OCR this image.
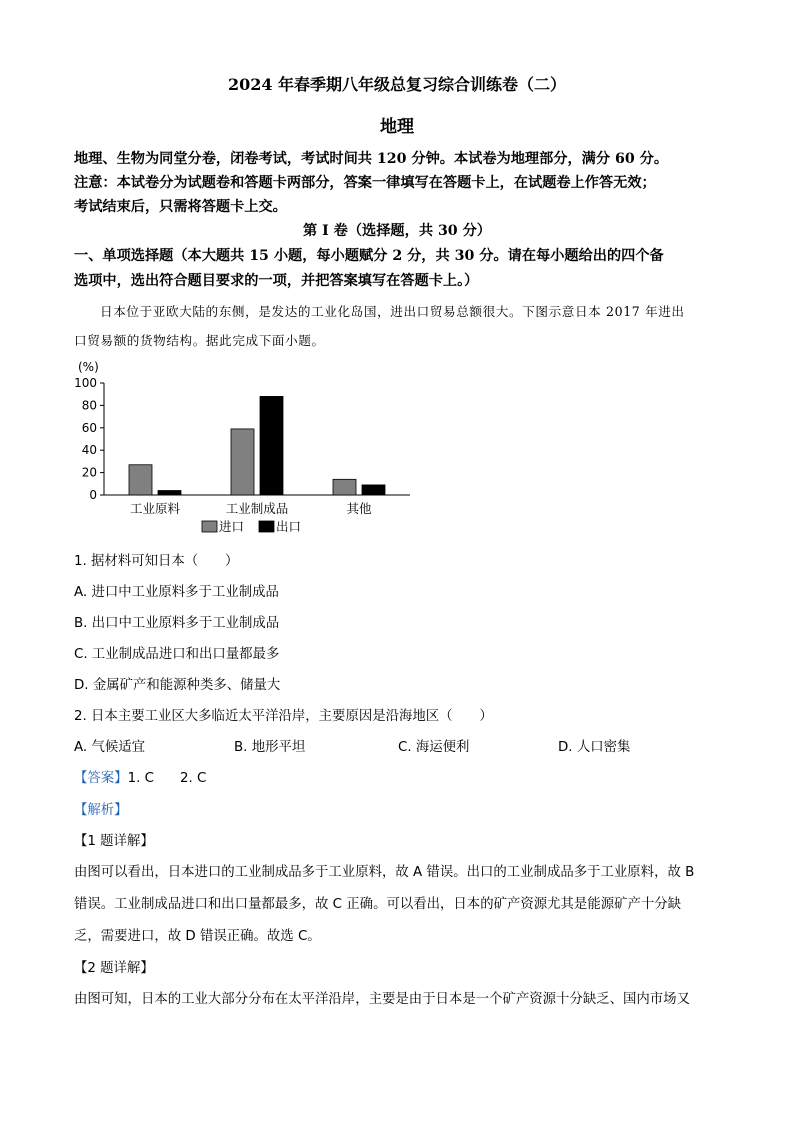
2024 年春季期八年级总复习综合训练卷（二）
地理
地理、生物为同堂分卷，闭卷考试，考试时间共 120 分钟。本试卷为地理部分，满分 60 分。
注意：本试卷分为试题卷和答题卡两部分，答案一律填写在答题卡上，在试题卷上作答无效；
考试结束后，只需将答题卡上交。
第 I 卷（选择题，共 30 分）
一、单项选择题（本大题共 15 小题，每小题赋分 2 分，共 30 分。请在每小题给出的四个备
选项中，选出符合题目要求的一项，并把答案填写在答题卡上。）
日本位于亚欧大陆的东侧，是发达的工业化岛国，进出口贸易总额很大。下图示意日本 2017 年进出
口贸易额的货物结构。据此完成下面小题。
(%)
0
20
40
60
80
100
工业原料	工业制成品	其他
进口	出口
1. 据材料可知日本（　　）
A. 进口中工业原料多于工业制成品
B. 出口中工业原料多于工业制成品
C. 工业制成品进口和出口量都最多
D. 金属矿产和能源种类多、储量大
2. 日本主要工业区大多临近太平洋沿岸，主要原因是沿海地区（　　）
A. 气候适宜	B. 地形平坦	C. 海运便利	D. 人口密集
【答案】1. C 2. C
【解析】
【1 题详解】
由图可以看出，日本进口的工业制成品多于工业原料，故 A 错误。出口的工业制成品多于工业原料，故 B
错误。工业制成品进口和出口量都最多，故 C 正确。可以看出，日本的矿产资源尤其是能源矿产十分缺
乏，需要进口，故 D 错误正确。故选 C。
【2 题详解】
由图可知，日本的工业大部分分布在太平洋沿岸，主要是由于日本是一个矿产资源十分缺乏、国内市场又
